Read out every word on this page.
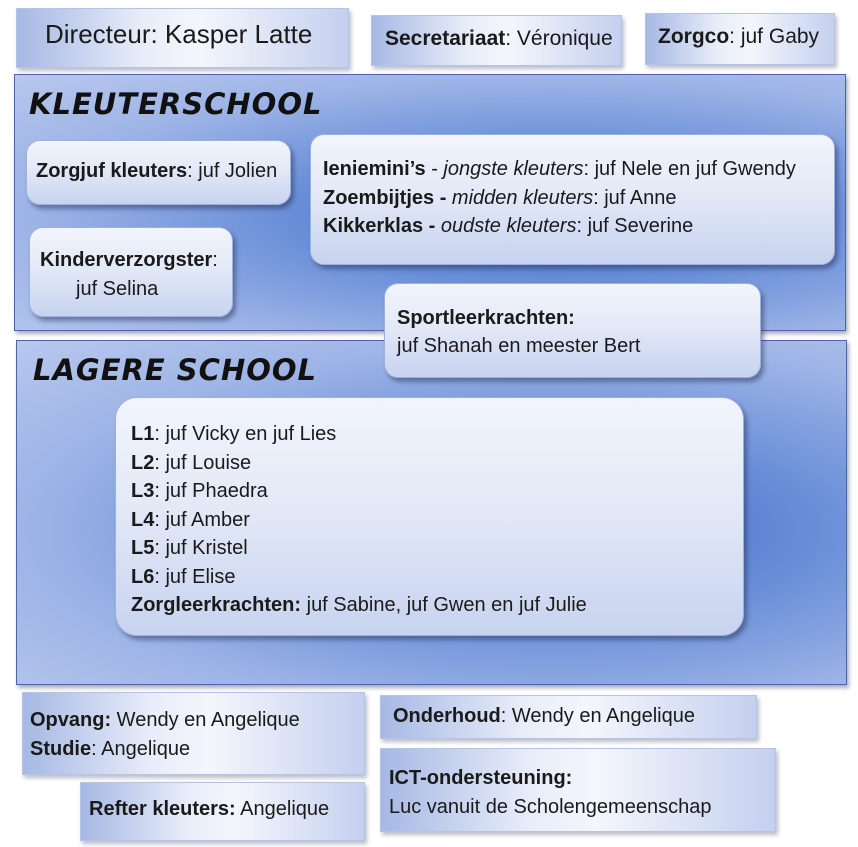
Directeur: Kasper Latte	Secretariaat: Véronique	Zorgco: juf Gaby
KLEUTERSCHOOL
Zorgjuf kleuters: juf Jolien	Ieniemini’s - jongste kleuters: juf Nele en juf Gwendy
Zoembijtjes - midden kleuters: juf Anne
Kikkerklas - oudste kleuters: juf Severine
Kinderverzorgster:
juf Selina
LAGERE SCHOOL
Sportleerkrachten:
juf Shanah en meester Bert
L1: juf Vicky en juf Lies
L2: juf Louise
L3: juf Phaedra
L4: juf Amber
L5: juf Kristel
L6: juf Elise
Zorgleerkrachten: juf Sabine, juf Gwen en juf Julie
Opvang: Wendy en Angelique
Studie: Angelique
Onderhoud: Wendy en Angelique
Refter kleuters: Angelique
ICT-ondersteuning:
Luc vanuit de Scholengemeenschap
